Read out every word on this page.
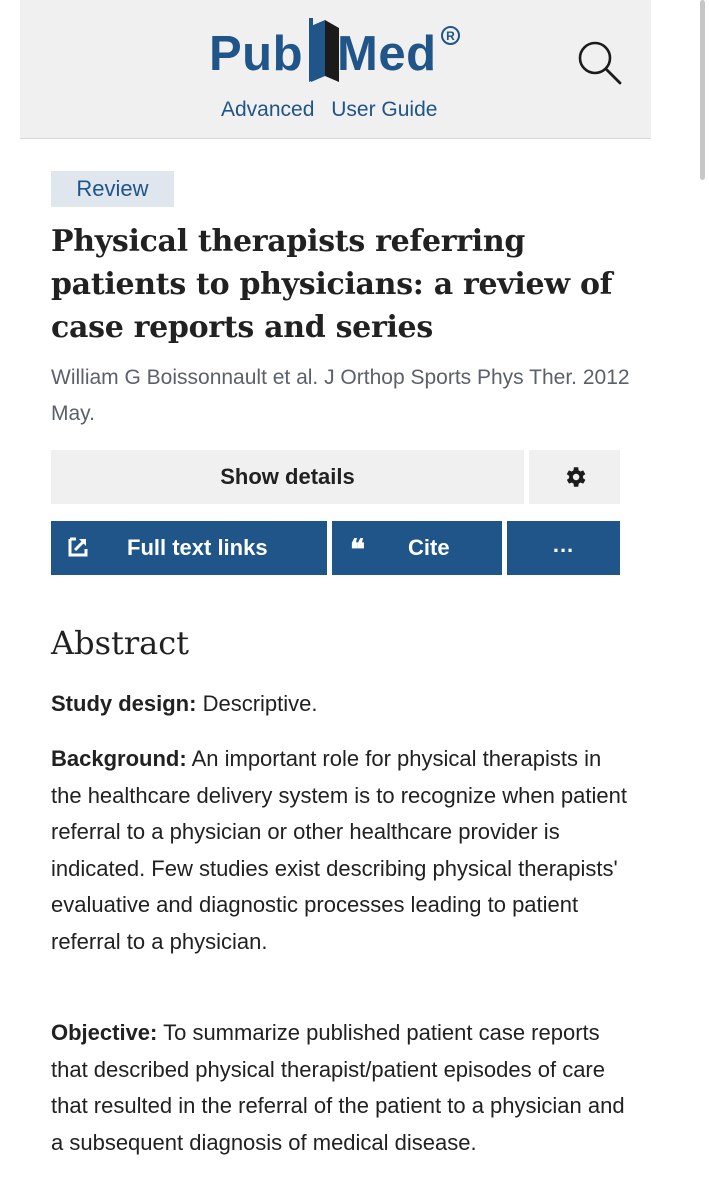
Pub Med R
Advanced User Guide
Review
Physical therapists referring patients to physicians: a review of case reports and series
William G Boissonnault et al. J Orthop Sports Phys Ther. 2012 May.
Show details
Full text links	❝ Cite	...
Abstract

Study design: Descriptive.

Background: An important role for physical therapists in the healthcare delivery system is to recognize when patient referral to a physician or other healthcare provider is indicated. Few studies exist describing physical therapists' evaluative and diagnostic processes leading to patient referral to a physician.

Objective: To summarize published patient case reports that described physical therapist/patient episodes of care that resulted in the referral of the patient to a physician and a subsequent diagnosis of medical disease.
